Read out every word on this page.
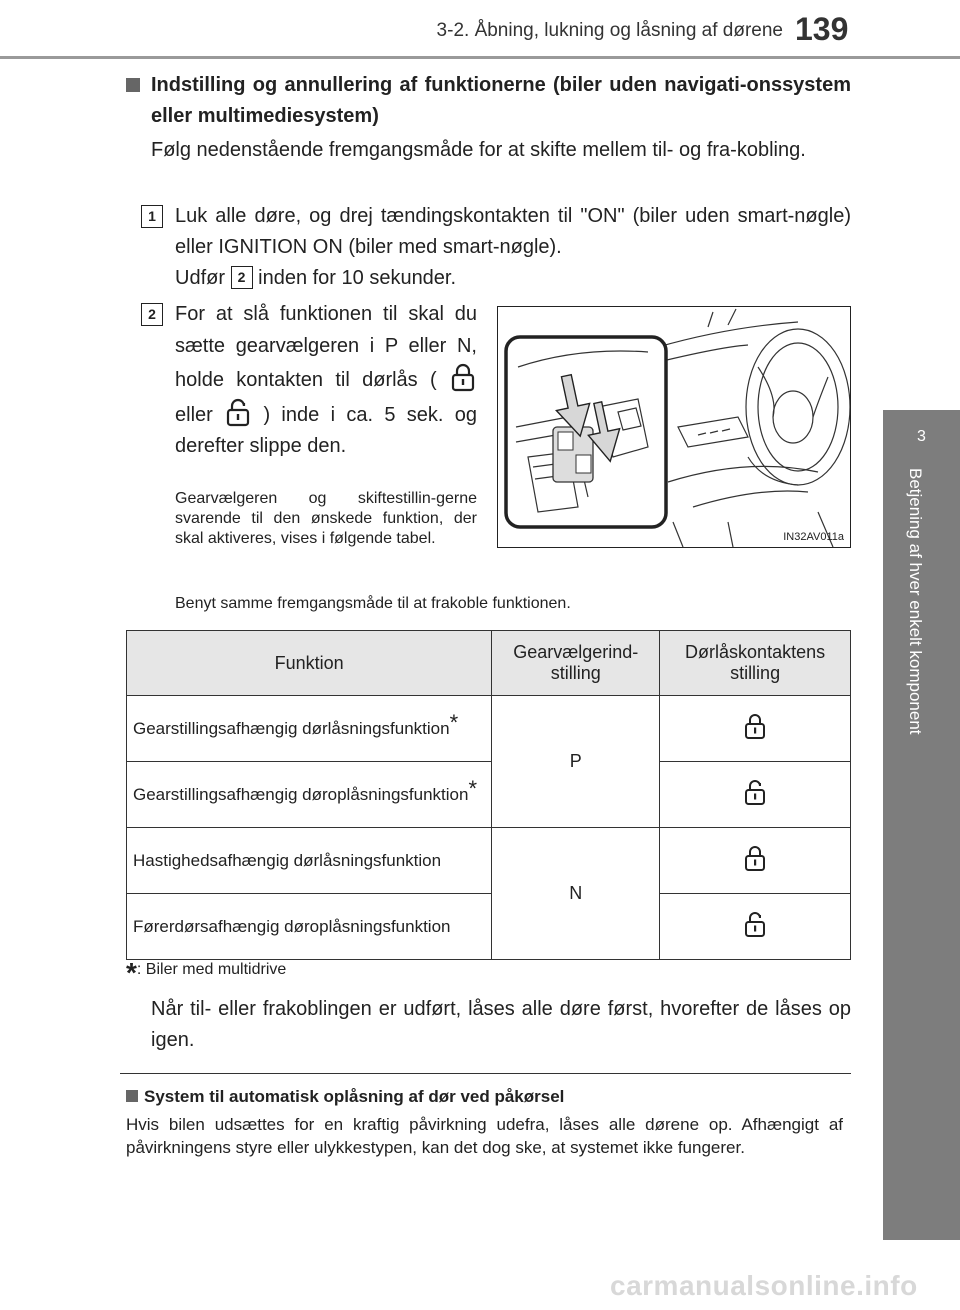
3-2. Åbning, lukning og låsning af dørene 139
3
Betjening af hver enkelt komponent
Indstilling og annullering af funktionerne (biler uden navigati-onssystem eller multimediesystem)
Følg nedenstående fremgangsmåde for at skifte mellem til- og fra-kobling.
1 Luk alle døre, og drej tændingskontakten til "ON" (biler uden smart-nøgle) eller IGNITION ON (biler med smart-nøgle).
Udfør 2 inden for 10 sekunder.
2 For at slå funktionen til skal du sætte gearvælgeren i P eller N, holde kontakten til dørlås (  eller	) inde i ca. 5 sek. og derefter slippe den.
Gearvælgeren og skiftestillin-gerne svarende til den ønskede funktion, der skal aktiveres, vises i følgende tabel.
Benyt samme fremgangsmåde til at frakoble funktionen.
IN32AV011a
Funktion	Gearvælgerind-stilling	Dørlåskontaktens stilling
Gearstillingsafhængig dørlåsningsfunktion*	P	
Gearstillingsafhængig døroplåsningsfunktion*	
Hastighedsafhængig dørlåsningsfunktion	N	
Førerdørsafhængig døroplåsningsfunktion	
*: Biler med multidrive
Når til- eller frakoblingen er udført, låses alle døre først, hvorefter de låses op igen.
System til automatisk oplåsning af dør ved påkørsel
Hvis bilen udsættes for en kraftig påvirkning udefra, låses alle dørene op. Afhængigt af påvirkningens styre eller ulykkestypen, kan det dog ske, at systemet ikke fungerer.
carmanualsonline.info
